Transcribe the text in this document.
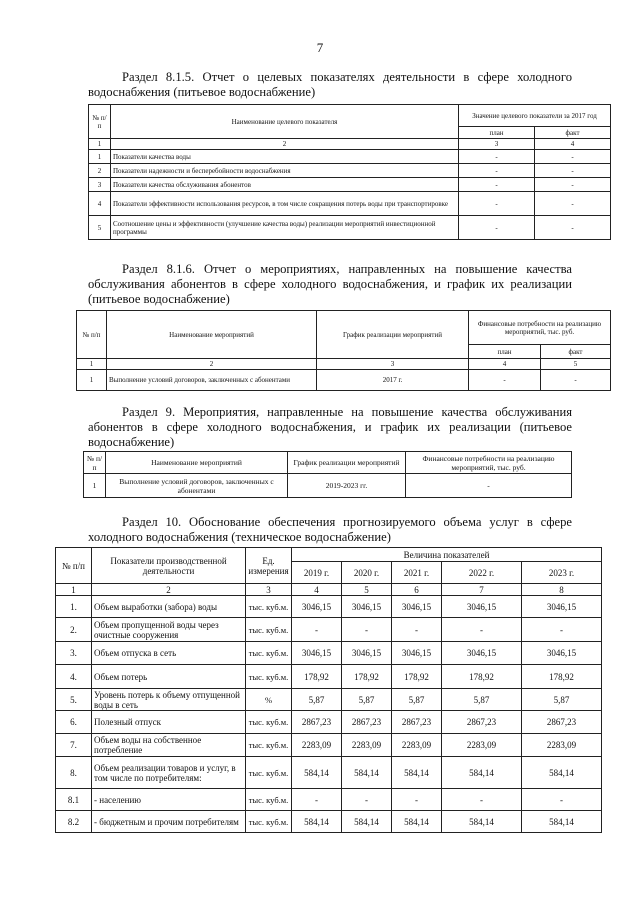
7
Раздел 8.1.5. Отчет о целевых показателях деятельности в сфере холодного водоснабжения (питьевое водоснабжение)
№ п/п	Наименование целевого показателя	Значение целевого показатели за 2017 год	
		план	факт
1	2	3	4
1	Показатели качества воды	-	-
2	Показатели надежности и бесперебойности водоснабжения	-	-
3	Показатели качества обслуживания абонентов	-	-
4	Показатели эффективности использования ресурсов, в том числе сокращения потерь воды при транспортировке	-	-
5	Соотношение цены и эффективности (улучшение качества воды) реализации мероприятий инвестиционной программы	-	-
Раздел 8.1.6. Отчет о мероприятиях, направленных на повышение качества обслуживания абонентов в сфере холодного водоснабжения, и график их реализации (питьевое водоснабжение)
№ п/п	Наименование мероприятий	График реализации мероприятий	Финансовые потребности на реализацию мероприятий, тыс. руб.	
			план	факт
1	2	3	4	5
1	Выполнение условий договоров, заключенных с абонентами	2017 г.	-	-
Раздел 9. Мероприятия, направленные на повышение качества обслуживания абонентов в сфере холодного водоснабжения, и график их реализации (питьевое водоснабжение)
№ п/п	Наименование мероприятий	График реализации мероприятий	Финансовые потребности на реализацию мероприятий, тыс. руб.
1	Выполнение условий договоров, заключенных с абонентами	2019-2023 гг.	-
Раздел 10. Обоснование обеспечения прогнозируемого объема услуг в сфере холодного водоснабжения (техническое водоснабжение)
№ п/п	Показатели производственной деятельности	Ед. измерения	Величина показателей				
			2019 г.	2020 г.	2021 г.	2022 г.	2023 г.
1	2	3	4	5	6	7	8
1.	Объем выработки (забора) воды	тыс. куб.м.	3046,15	3046,15	3046,15	3046,15	3046,15
2.	Объем пропущенной воды через очистные сооружения	тыс. куб.м.	-	-	-	-	-
3.	Объем отпуска в сеть	тыс. куб.м.	3046,15	3046,15	3046,15	3046,15	3046,15
4.	Объем потерь	тыс. куб.м.	178,92	178,92	178,92	178,92	178,92
5.	Уровень потерь к объему отпущенной воды в сеть	%	5,87	5,87	5,87	5,87	5,87
6.	Полезный отпуск	тыс. куб.м.	2867,23	2867,23	2867,23	2867,23	2867,23
7.	Объем воды на собственное потребление	тыс. куб.м.	2283,09	2283,09	2283,09	2283,09	2283,09
8.	Объем реализации товаров и услуг, в том числе по потребителям:	тыс. куб.м.	584,14	584,14	584,14	584,14	584,14
8.1	- населению	тыс. куб.м.	-	-	-	-	-
8.2	- бюджетным и прочим потребителям	тыс. куб.м.	584,14	584,14	584,14	584,14	584,14
